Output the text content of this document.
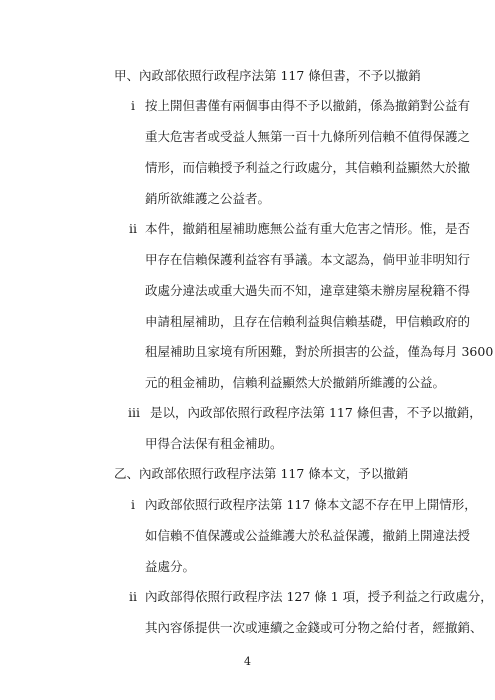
甲、內政部依照行政程序法第 117 條但書，不予以撤銷
i 按上開但書僅有兩個事由得不予以撤銷，係為撤銷對公益有
重大危害者或受益人無第一百十九條所列信賴不值得保護之
情形，而信賴授予利益之行政處分，其信賴利益顯然大於撤
銷所欲維護之公益者。
ii 本件，撤銷租屋補助應無公益有重大危害之情形。惟，是否
甲存在信賴保護利益容有爭議。本文認為，倘甲並非明知行
政處分違法或重大過失而不知，違章建築未辦房屋稅籍不得
申請租屋補助，且存在信賴利益與信賴基礎，甲信賴政府的
租屋補助且家境有所困難，對於所損害的公益，僅為每月 3600
元的租金補助，信賴利益顯然大於撤銷所維護的公益。
iii 是以，內政部依照行政程序法第 117 條但書，不予以撤銷，
甲得合法保有租金補助。
乙、內政部依照行政程序法第 117 條本文，予以撤銷
i 內政部依照行政程序法第 117 條本文認不存在甲上開情形，
如信賴不值保護或公益維護大於私益保護，撤銷上開違法授
益處分。
ii 內政部得依照行政程序法 127 條 1 項，授予利益之行政處分，
其內容係提供一次或連續之金錢或可分物之給付者，經撤銷、
4
